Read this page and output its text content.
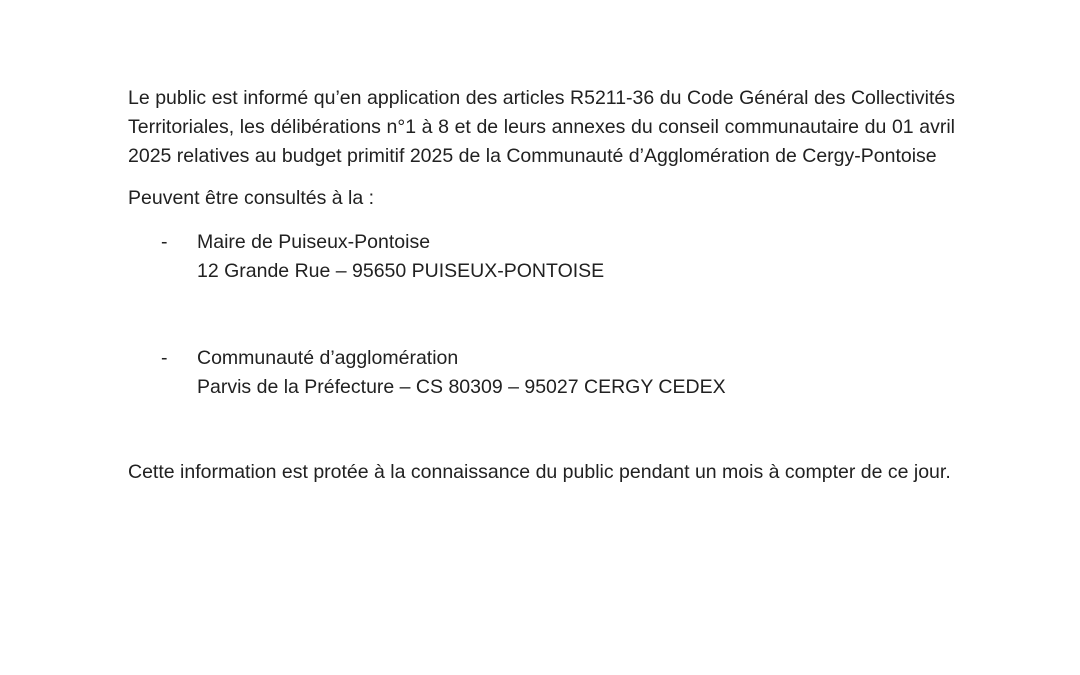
Le public est informé qu’en application des articles R5211-36 du Code Général des Collectivités Territoriales, les délibérations n°1 à 8 et de leurs annexes du conseil communautaire du 01 avril 2025 relatives au budget primitif 2025 de la Communauté d’Agglomération de Cergy-Pontoise

Peuvent être consultés à la :

-	Maire de Puiseux-Pontoise
12 Grande Rue – 95650 PUISEUX-PONTOISE
-	Communauté d’agglomération
Parvis de la Préfecture – CS 80309 – 95027 CERGY CEDEX

Cette information est protée à la connaissance du public pendant un mois à compter de ce jour.
